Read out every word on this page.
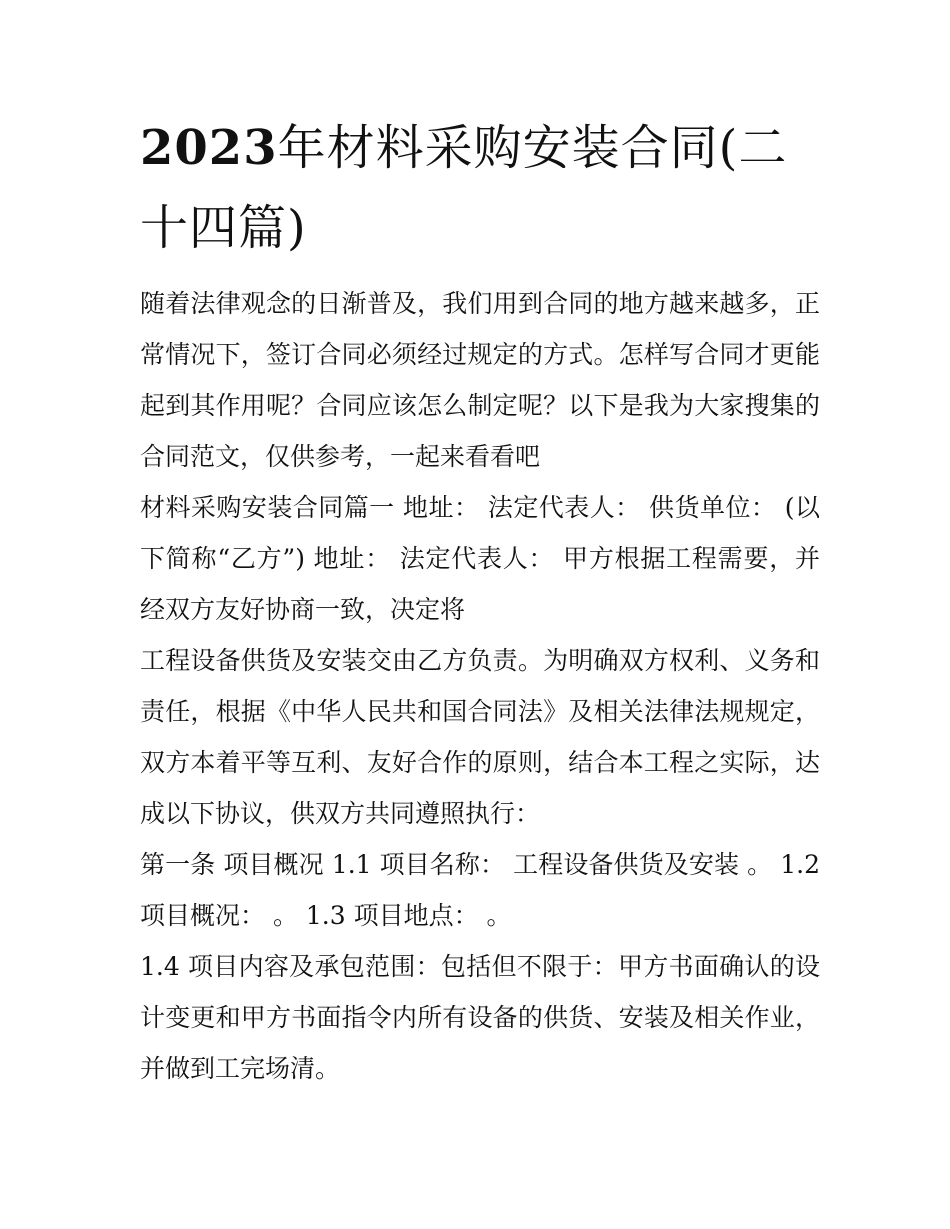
2023年材料采购安装合同(二十四篇)

随着法律观念的日渐普及，我们用到合同的地方越来越多，正常情况下，签订合同必须经过规定的方式。怎样写合同才更能起到其作用呢？合同应该怎么制定呢？以下是我为大家搜集的合同范文，仅供参考，一起来看看吧

材料采购安装合同篇一 地址： 法定代表人： 供货单位： (以下简称“乙方”) 地址： 法定代表人： 甲方根据工程需要，并经双方友好协商一致，决定将

工程设备供货及安装交由乙方负责。为明确双方权利、义务和责任，根据《中华人民共和国合同法》及相关法律法规规定，双方本着平等互利、友好合作的原则，结合本工程之实际，达成以下协议，供双方共同遵照执行：

第一条 项目概况 1.1 项目名称： 工程设备供货及安装 。 1.2 项目概况： 。 1.3 项目地点： 。

1.4 项目内容及承包范围：包括但不限于：甲方书面确认的设计变更和甲方书面指令内所有设备的供货、安装及相关作业，并做到工完场清。
